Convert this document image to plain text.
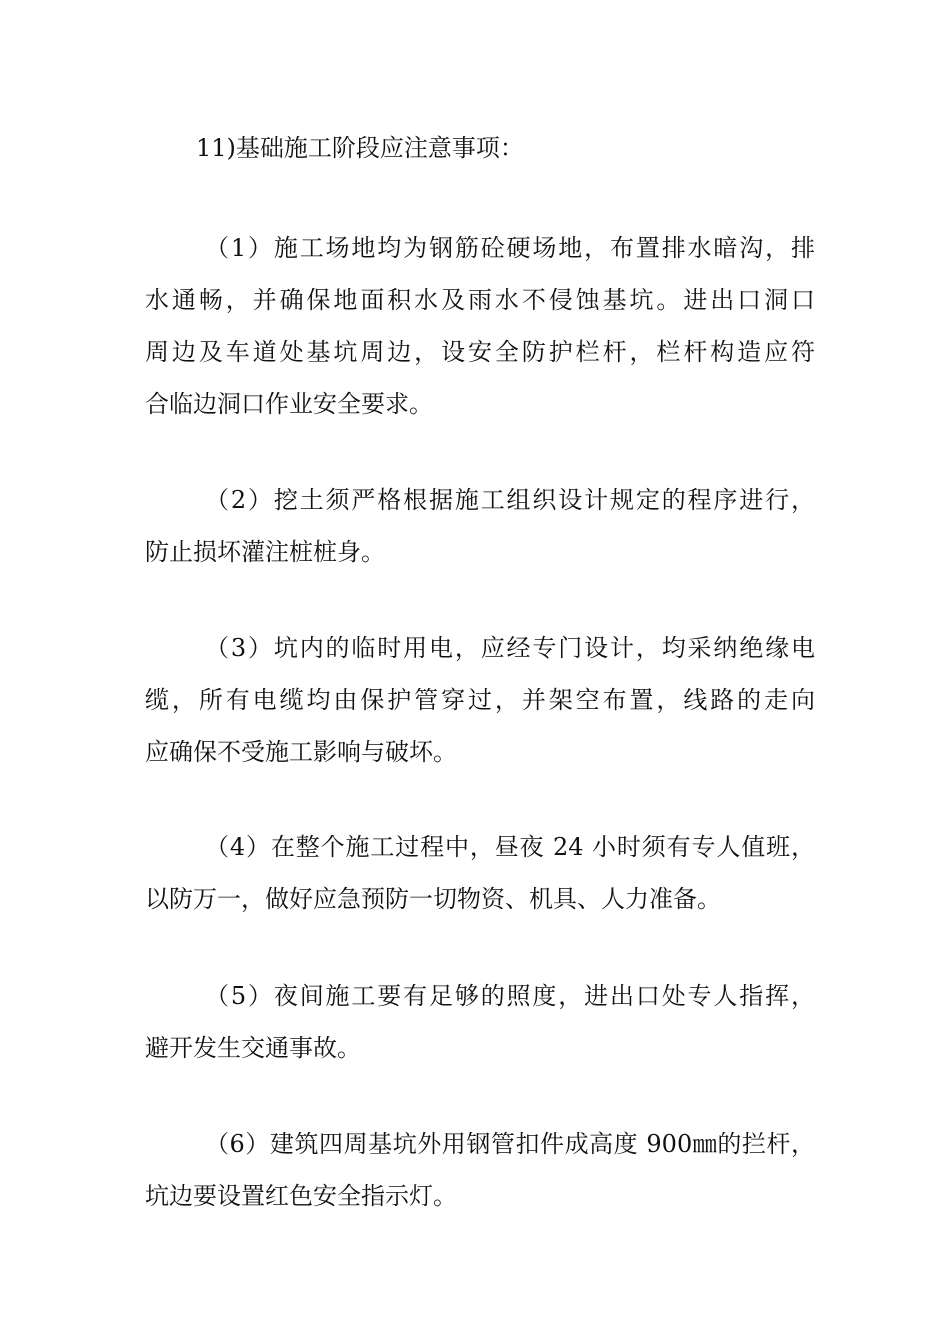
11)基础施工阶段应注意事项：
（1）施工场地均为钢筋砼硬场地，布置排水暗沟，排
水通畅，并确保地面积水及雨水不侵蚀基坑。进出口洞口
周边及车道处基坑周边，设安全防护栏杆，栏杆构造应符
合临边洞口作业安全要求。
（2）挖土须严格根据施工组织设计规定的程序进行，
防止损坏灌注桩桩身。
（3）坑内的临时用电，应经专门设计，均采纳绝缘电
缆，所有电缆均由保护管穿过，并架空布置，线路的走向
应确保不受施工影响与破坏。
（4）在整个施工过程中，昼夜 24 小时须有专人值班，
以防万一，做好应急预防一切物资、机具、人力准备。
（5）夜间施工要有足够的照度，进出口处专人指挥，
避开发生交通事故。
（6）建筑四周基坑外用钢管扣件成高度 900㎜的拦杆，
坑边要设置红色安全指示灯。
